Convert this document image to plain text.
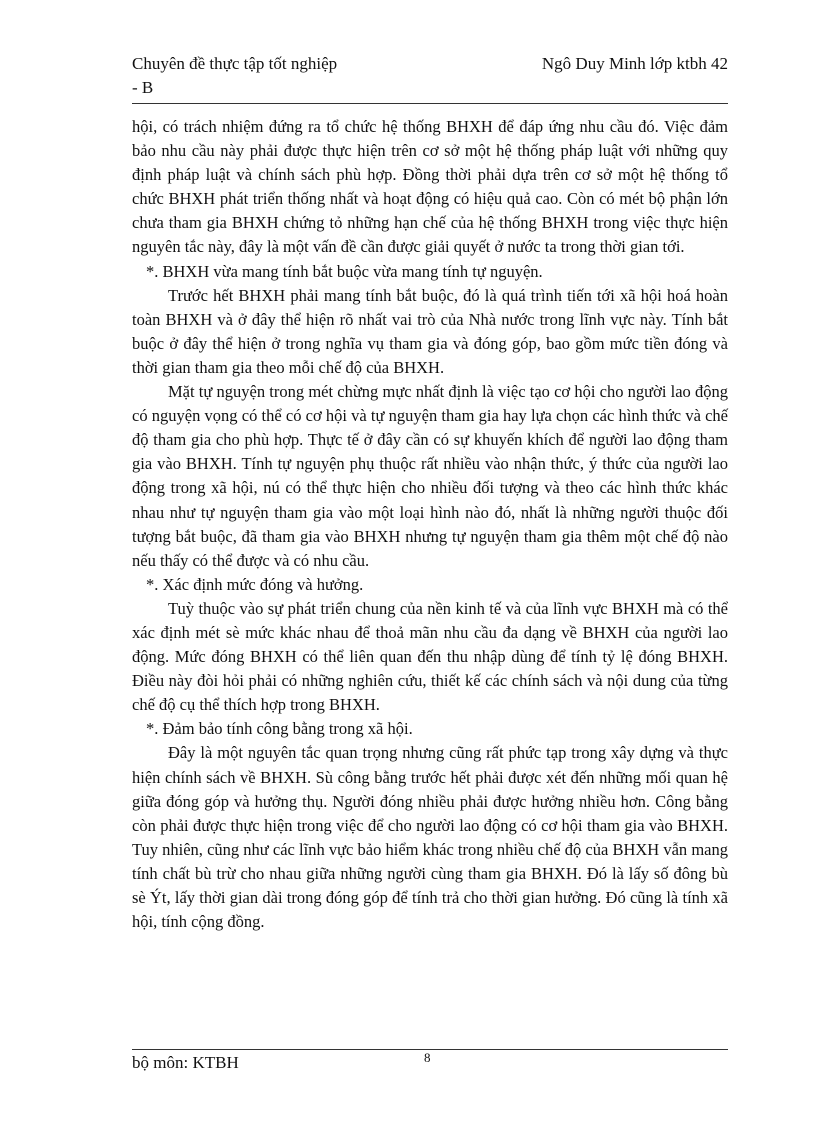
Chuyên đề thực tập tốt nghiệp	Ngô Duy Minh lớp ktbh 42
- B

hội, có trách nhiệm đứng ra tổ chức hệ thống BHXH để đáp ứng nhu cầu đó. Việc đảm bảo nhu cầu này phải được thực hiện trên cơ sở một hệ thống pháp luật với những quy định pháp luật và chính sách phù hợp. Đồng thời phải dựa trên cơ sở một hệ thống tổ chức BHXH phát triển thống nhất và hoạt động có hiệu quả cao. Còn có mét bộ phận lớn chưa tham gia BHXH chứng tỏ những hạn chế của hệ thống BHXH trong việc thực hiện nguyên tắc này, đây là một vấn đề cần được giải quyết ở nước ta trong thời gian tới.

*. BHXH vừa mang tính bắt buộc vừa mang tính tự nguyện.

Trước hết BHXH phải mang tính bắt buộc, đó là quá trình tiến tới xã hội hoá hoàn toàn BHXH và ở đây thể hiện rõ nhất vai trò của Nhà nước trong lĩnh vực này. Tính bắt buộc ở đây thể hiện ở trong nghĩa vụ tham gia và đóng góp, bao gồm mức tiền đóng và thời gian tham gia theo mỗi chế độ của BHXH.

Mặt tự nguyện trong mét chừng mực nhất định là việc tạo cơ hội cho người lao động có nguyện vọng có thể có cơ hội và tự nguyện tham gia hay lựa chọn các hình thức và chế độ tham gia cho phù hợp. Thực tế ở đây cần có sự khuyến khích để người lao động tham gia vào BHXH. Tính tự nguyện phụ thuộc rất nhiều vào nhận thức, ý thức của người lao động trong xã hội, nú có thể thực hiện cho nhiều đối tượng và theo các hình thức khác nhau như tự nguyện tham gia vào một loại hình nào đó, nhất là những người thuộc đối tượng bắt buộc, đã tham gia vào BHXH nhưng tự nguyện tham gia thêm một chế độ nào nếu thấy có thể được và có nhu cầu.

*. Xác định mức đóng và hưởng.

Tuỳ thuộc vào sự phát triển chung của nền kinh tế và của lĩnh vực BHXH mà có thể xác định mét sè mức khác nhau để thoả mãn nhu cầu đa dạng về BHXH của người lao động. Mức đóng BHXH có thể liên quan đến thu nhập dùng để tính tỷ lệ đóng BHXH. Điều này đòi hỏi phải có những nghiên cứu, thiết kế các chính sách và nội dung của từng chế độ cụ thể thích hợp trong BHXH.

*. Đảm bảo tính công bằng trong xã hội.

Đây là một nguyên tắc quan trọng nhưng cũng rất phức tạp trong xây dựng và thực hiện chính sách về BHXH. Sù công bằng trước hết phải được xét đến những mối quan hệ giữa đóng góp và hưởng thụ. Người đóng nhiều phải được hưởng nhiều hơn. Công bằng còn phải được thực hiện trong việc để cho người lao động có cơ hội tham gia vào BHXH. Tuy nhiên, cũng như các lĩnh vực bảo hiểm khác trong nhiều chế độ của BHXH vẫn mang tính chất bù trừ cho nhau giữa những người cùng tham gia BHXH. Đó là lấy số đông bù sè Ýt, lấy thời gian dài trong đóng góp để tính trả cho thời gian hưởng. Đó cũng là tính xã hội, tính cộng đồng.

bộ môn: KTBH	8
